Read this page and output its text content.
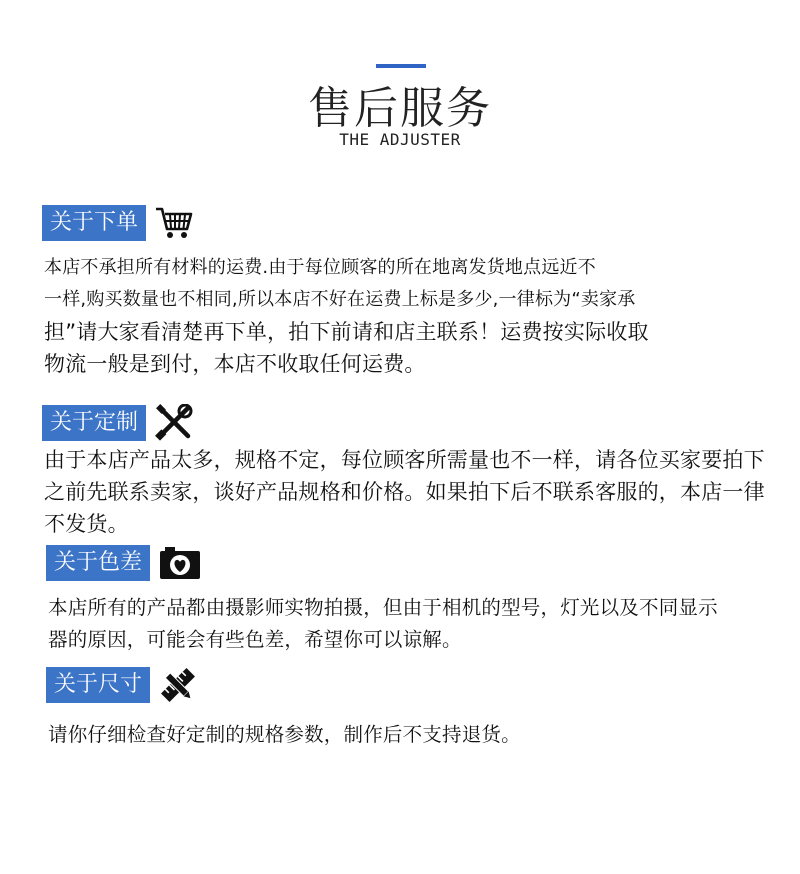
售后服务
THE ADJUSTER
关于下单
本店不承担所有材料的运费.由于每位顾客的所在地离发货地点远近不
一样,购买数量也不相同,所以本店不好在运费上标是多少,一律标为“卖家承
担”请大家看清楚再下单，拍下前请和店主联系！运费按实际收取
物流一般是到付，本店不收取任何运费。
关于定制
由于本店产品太多，规格不定，每位顾客所需量也不一样，请各位买家要拍下
之前先联系卖家，谈好产品规格和价格。如果拍下后不联系客服的，本店一律
不发货。
关于色差
本店所有的产品都由摄影师实物拍摄，但由于相机的型号，灯光以及不同显示
器的原因，可能会有些色差，希望你可以谅解。
关于尺寸
请你仔细检查好定制的规格参数，制作后不支持退货。
